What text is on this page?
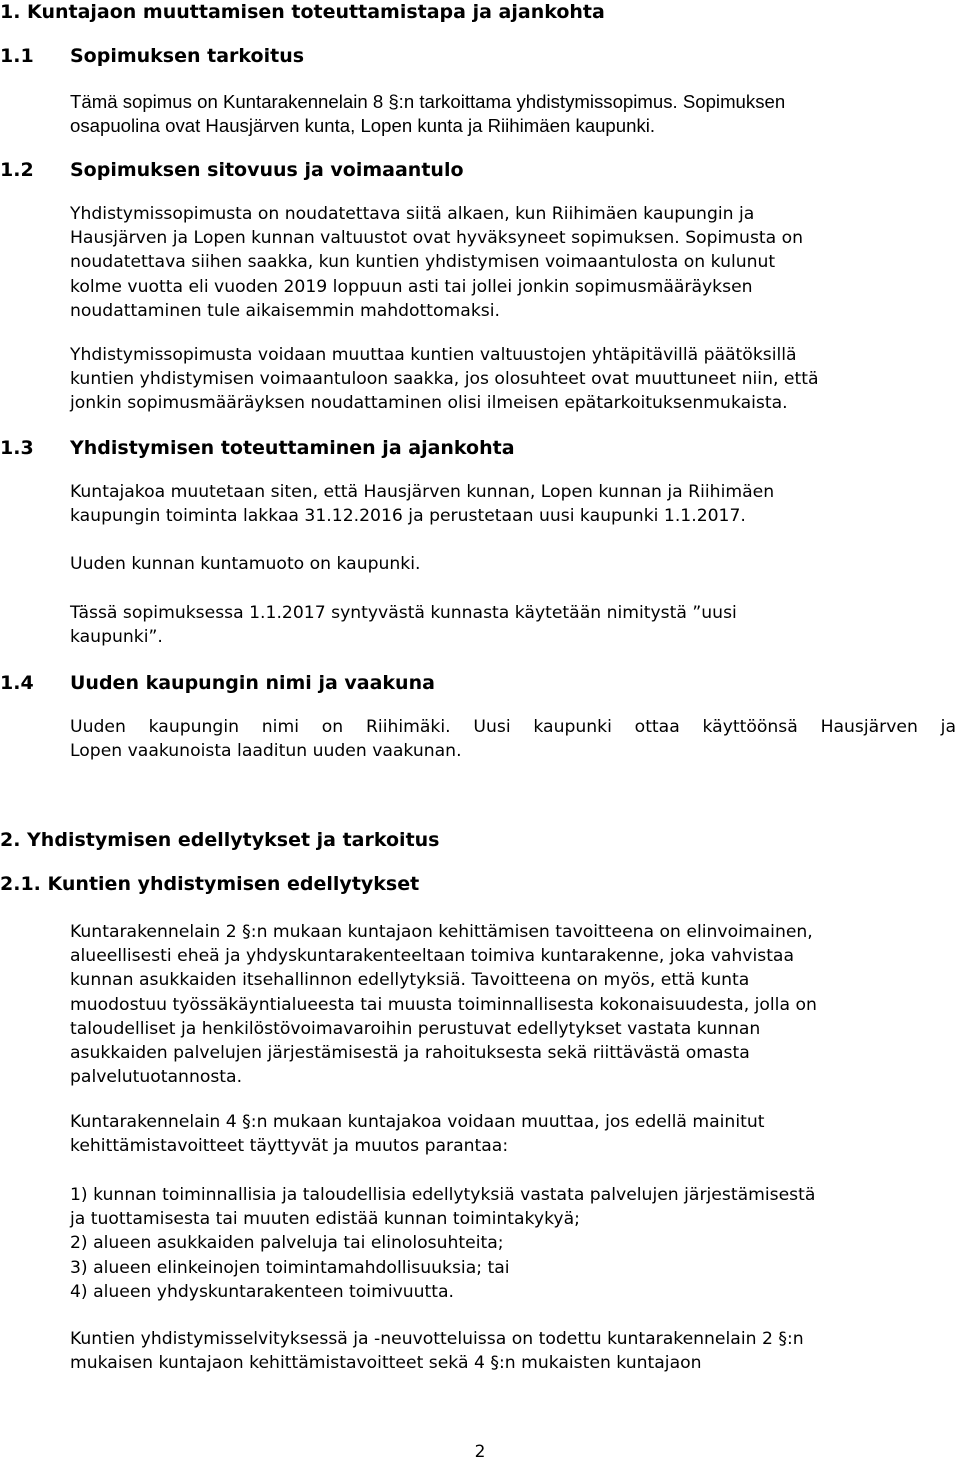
1. Kuntajaon muuttamisen toteuttamistapa ja ajankohta
1.1 Sopimuksen tarkoitus
Tämä sopimus on Kuntarakennelain 8 §:n tarkoittama yhdistymissopimus. Sopimuksen
osapuolina ovat Hausjärven kunta, Lopen kunta ja Riihimäen kaupunki.
1.2 Sopimuksen sitovuus ja voimaantulo
Yhdistymissopimusta on noudatettava siitä alkaen, kun Riihimäen kaupungin ja
Hausjärven ja Lopen kunnan valtuustot ovat hyväksyneet sopimuksen. Sopimusta on
noudatettava siihen saakka, kun kuntien yhdistymisen voimaantulosta on kulunut
kolme vuotta eli vuoden 2019 loppuun asti tai jollei jonkin sopimusmääräyksen
noudattaminen tule aikaisemmin mahdottomaksi.
Yhdistymissopimusta voidaan muuttaa kuntien valtuustojen yhtäpitävillä päätöksillä
kuntien yhdistymisen voimaantuloon saakka, jos olosuhteet ovat muuttuneet niin, että
jonkin sopimusmääräyksen noudattaminen olisi ilmeisen epätarkoituksenmukaista.
1.3 Yhdistymisen toteuttaminen ja ajankohta
Kuntajakoa muutetaan siten, että Hausjärven kunnan, Lopen kunnan ja Riihimäen
kaupungin toiminta lakkaa 31.12.2016 ja perustetaan uusi kaupunki 1.1.2017.
Uuden kunnan kuntamuoto on kaupunki.
Tässä sopimuksessa 1.1.2017 syntyvästä kunnasta käytetään nimitystä ”uusi
kaupunki”.
1.4 Uuden kaupungin nimi ja vaakuna
Uuden kaupungin nimi on Riihimäki. Uusi kaupunki ottaa käyttöönsä Hausjärven ja
Lopen vaakunoista laaditun uuden vaakunan.
2. Yhdistymisen edellytykset ja tarkoitus
2.1. Kuntien yhdistymisen edellytykset
Kuntarakennelain 2 §:n mukaan kuntajaon kehittämisen tavoitteena on elinvoimainen,
alueellisesti eheä ja yhdyskuntarakenteeltaan toimiva kuntarakenne, joka vahvistaa
kunnan asukkaiden itsehallinnon edellytyksiä. Tavoitteena on myös, että kunta
muodostuu työssäkäyntialueesta tai muusta toiminnallisesta kokonaisuudesta, jolla on
taloudelliset ja henkilöstövoimavaroihin perustuvat edellytykset vastata kunnan
asukkaiden palvelujen järjestämisestä ja rahoituksesta sekä riittävästä omasta
palvelutuotannosta.
Kuntarakennelain 4 §:n mukaan kuntajakoa voidaan muuttaa, jos edellä mainitut
kehittämistavoitteet täyttyvät ja muutos parantaa:
1) kunnan toiminnallisia ja taloudellisia edellytyksiä vastata palvelujen järjestämisestä
ja tuottamisesta tai muuten edistää kunnan toimintakykyä;
2) alueen asukkaiden palveluja tai elinolosuhteita;
3) alueen elinkeinojen toimintamahdollisuuksia; tai
4) alueen yhdyskuntarakenteen toimivuutta.
Kuntien yhdistymisselvityksessä ja -neuvotteluissa on todettu kuntarakennelain 2 §:n
mukaisen kuntajaon kehittämistavoitteet sekä 4 §:n mukaisten kuntajaon
2
